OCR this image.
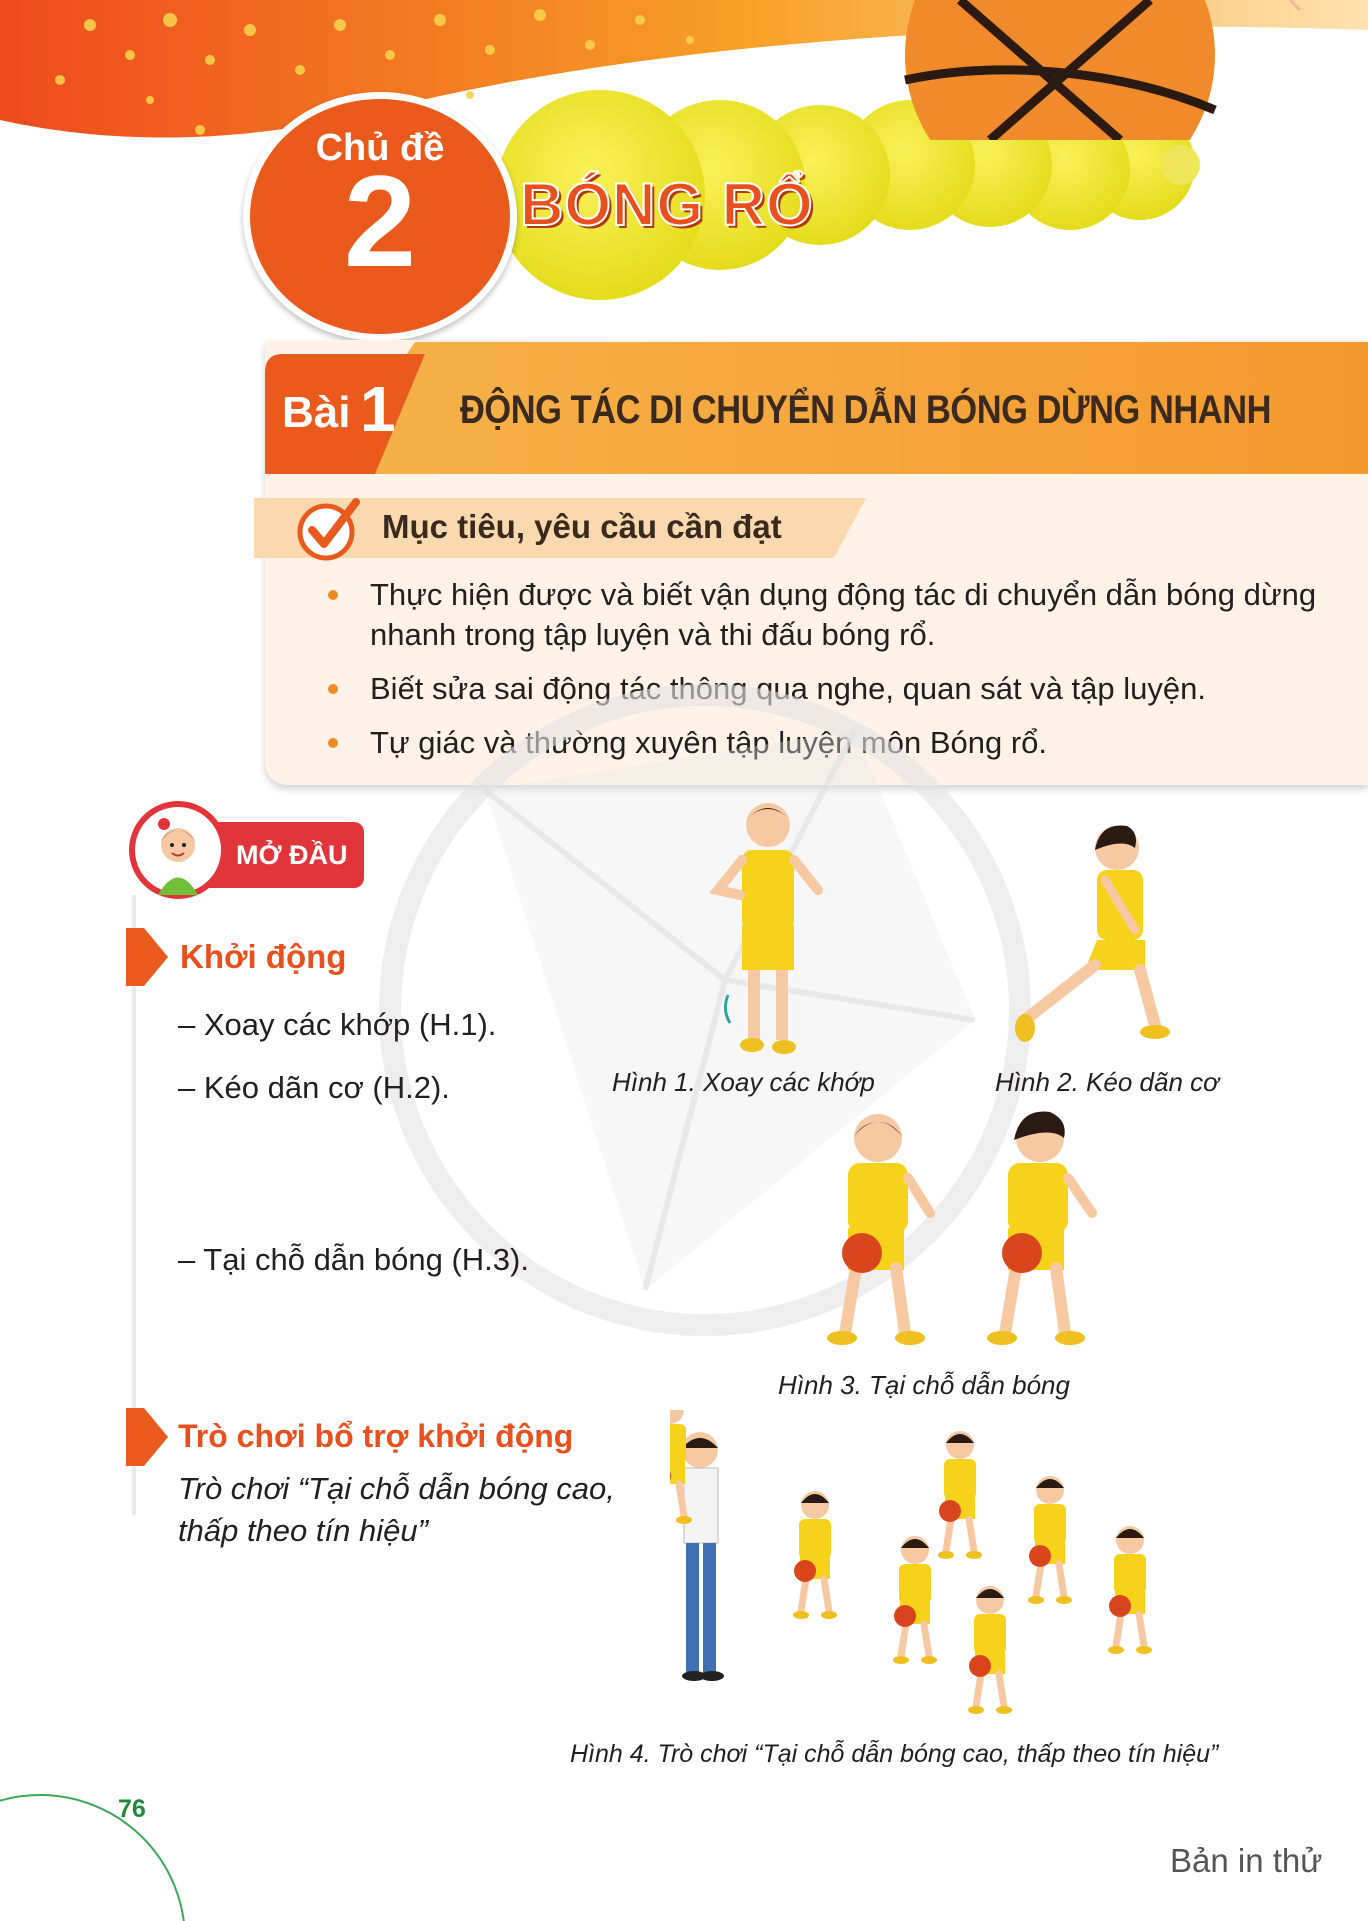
Chủ đề
2	BÓNG RỔ
Bài 1 ĐỘNG TÁC DI CHUYỂN DẪN BÓNG DỪNG NHANH
Mục tiêu, yêu cầu cần đạt
Thực hiện được và biết vận dụng động tác di chuyển dẫn bóng dừng nhanh trong tập luyện và thi đấu bóng rổ.
Biết sửa sai động tác thông qua nghe, quan sát và tập luyện.
Tự giác và thường xuyên tập luyện môn Bóng rổ.
MỞ ĐẦU
Khởi động
– Xoay các khớp (H.1).
– Kéo dãn cơ (H.2).
– Tại chỗ dẫn bóng (H.3).
Trò chơi bổ trợ khởi động
Trò chơi “Tại chỗ dẫn bóng cao, thấp theo tín hiệu”
Hình 1. Xoay các khớp	Hình 2. Kéo dãn cơ
Hình 3. Tại chỗ dẫn bóng
Hình 4. Trò chơi “Tại chỗ dẫn bóng cao, thấp theo tín hiệu”
76
Bản in thử
